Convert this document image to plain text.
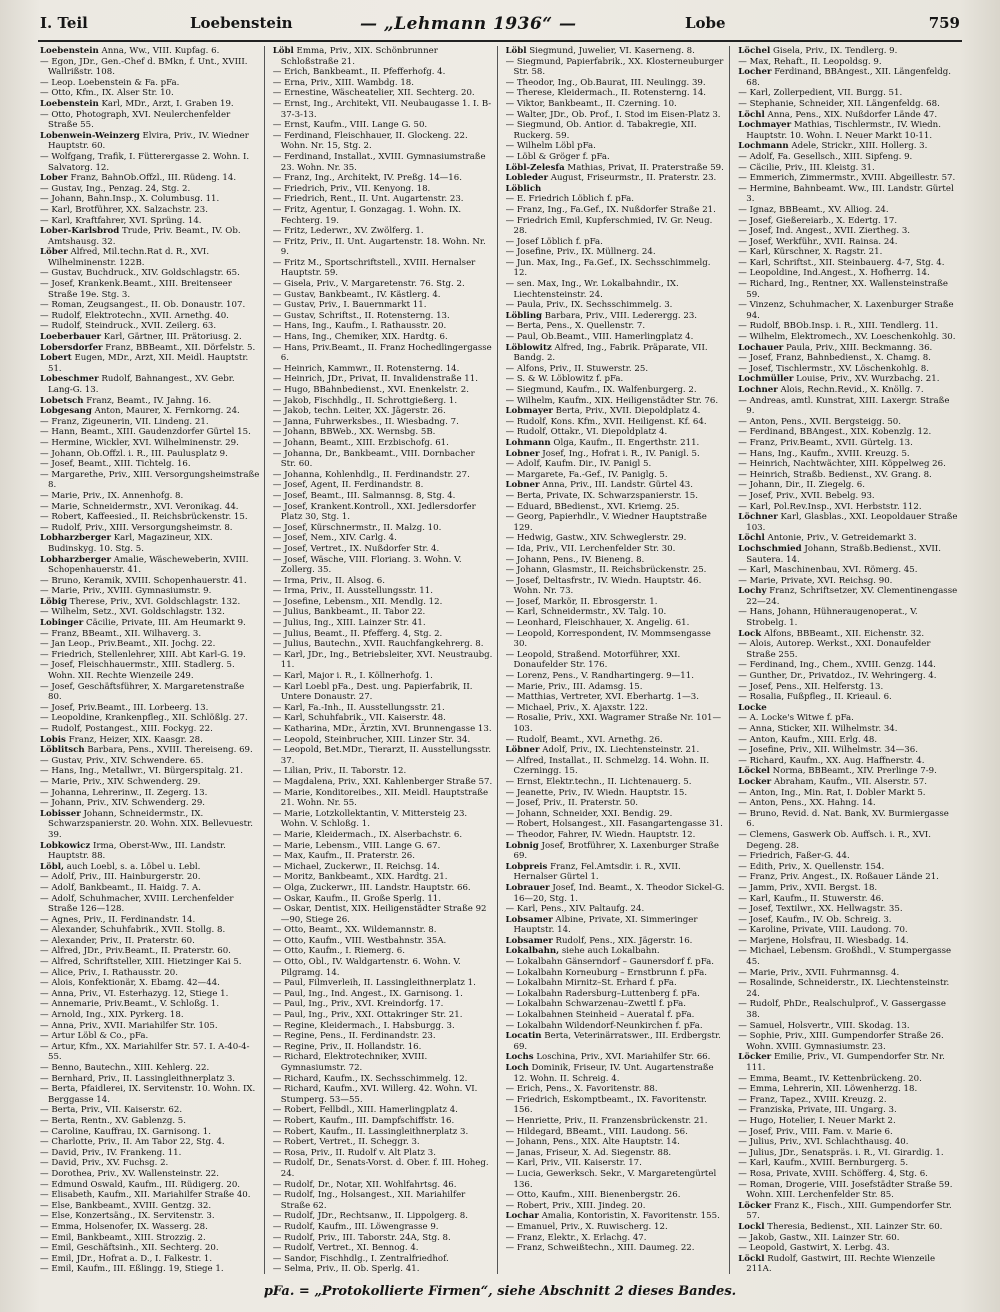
I. Teil	Loebenstein	— „Lehmann 1936“ —	Lobe	759

Loebenstein Anna, Ww., VIII. Kupfag. 6.

— Egon, JDr., Gen.-Chef d. BMkn, f. Unt., XVIII. Wallrißstr. 108.

— Leop. Loebenstein & Fa. pFa.

— Otto, Kfm., IX. Alser Str. 10.

Loebenstein Karl, MDr., Arzt, I. Graben 19.

— Otto, Photograph, XVI. Neulerchenfelder Straße 55.

Lobenwein-Weinzerg Elvira, Priv., IV. Wiedner Hauptstr. 60.

— Wolfgang, Trafik, I. Fütterergasse 2. Wohn. I. Salvatorg. 12.

Lober Franz, BahnOb.Offzl., III. Rüdeng. 14.

— Gustav, Ing., Penzag. 24, Stg. 2.

— Johann, Bahn.Insp., X. Columbusg. 11.

— Karl, Brotführer, XX. Salzachstr. 23.

— Karl, Kraftfahrer, XVI. Sprüng. 14.

Lober-Karlsbrod Trude, Priv. Beamt., IV. Ob. Amtshausg. 32.

Löber Alfred, Mil.techn.Rat d. R., XVI. Wilhelminenstr. 122B.

— Gustav, Buchdruck., XIV. Goldschlagstr. 65.

— Josef, Krankenk.Beamt., XIII. Breitenseer Straße 19e. Stg. 3.

— Roman, Zeugsangest., II. Ob. Donaustr. 107.

— Rudolf, Elektrotechn., XVII. Arnethg. 40.

— Rudolf, Steindruck., XVII. Zeilerg. 63.

Loeberbauer Karl, Gärtner, III. Prätoriusg. 2.

Lobersdorfer Franz, BBBeamt., XII. Dörfelstr. 5.

Lobert Eugen, MDr., Arzt, XII. Meidl. Hauptstr. 51.

Lobeschmer Rudolf, Bahnangest., XV. Gebr. Lang-G. 13.

Lobetsch Franz, Beamt., IV. Jahng. 16.

Lobgesang Anton, Maurer, X. Fernkorng. 24.

— Franz, Zigeunerin, VII. Lindeng. 21.

— Hann, Beamt., XIII. Gaudenzdorfer Gürtel 15.

— Hermine, Wickler, XVI. Wilhelminenstr. 29.

— Johann, Ob.Offzl. i. R., III. Paulusplatz 9.

— Josef, Beamt., XIII. Tichtelg. 16.

— Margarethe, Priv., XIII. Versorgungsheimstraße 8.

— Marie, Priv., IX. Annenhofg. 8.

— Marie, Schneidermstr., XVI. Veronikag. 44.

— Robert, Kaffeesied., II. Reichsbrückenstr. 15.

— Rudolf, Priv., XIII. Versorgungsheimstr. 8.

Lobharzberger Karl, Magazineur, XIX. Budinskyg. 10. Stg. 5.

Lobharzberger Amalie, Wäscheweberin, XVIII. Schopenhauerstr. 41.

— Bruno, Keramik, XVIII. Schopenhauerstr. 41.

— Marie, Priv., XVIII. Gymnasiumstr. 9.

Löbig Therese, Priv., XVI. Goldschlagstr. 132.

— Wilhelm, Setz., XVI. Goldschlagstr. 132.

Lobinger Cäcilie, Private, III. Am Heumarkt 9.

— Franz, BBeamt., XII. Wilhaverg. 3.

— Jan Leop., Priv.Beamt., XII. Jochg. 22.

— Friedrich, Stellenlehrer, XIII. Abt Karl-G. 19.

— Josef, Fleischhauermstr., XIII. Stadlerg. 5. Wohn. XII. Rechte Wienzeile 249.

— Josef, Geschäftsführer, X. Margaretenstraße 80.

— Josef, Priv.Beamt., III. Lorbeerg. 13.

— Leopoldine, Krankenpfleg., XII. Schlößlg. 27.

— Rudolf, Postangest., XIII. Fockyg. 22.

Lobis Franz, Heizer, XIX. Kaasgr. 28.

Löblitsch Barbara, Pens., XVIII. Thereiseng. 69.

— Gustav, Priv., XIV. Schwendere. 65.

— Hans, Ing., Metallwr., VI. Bürgerspitalg. 21.

— Marie, Priv., XIV. Schwenderg. 29.

— Johanna, Lehrerinw., II. Zegerg. 13.

— Johann, Priv., XIV. Schwenderg. 29.

Lobisser Johann, Schneidermstr., IX. Schwarzspanierstr. 20. Wohn. XIX. Bellevuestr. 39.

Lobkowicz Irma, Oberst-Ww., III. Landstr. Hauptstr. 88.

Löbl, auch Loebl, s. a. Löbel u. Lebl.

— Adolf, Priv., III. Hainburgerstr. 20.

— Adolf, Bankbeamt., II. Haidg. 7. A.

— Adolf, Schuhmacher, XVIII. Lerchenfelder Straße 126—128.

— Agnes, Priv., II. Ferdinandstr. 14.

— Alexander, Schuhfabrik., XVII. Stollg. 8.

— Alexander, Priv., II. Praterstr. 60.

— Alfred, JDr., Priv.Beamt., II. Praterstr. 60.

— Alfred, Schriftsteller, XIII. Hietzinger Kai 5.

— Alice, Priv., I. Rathausstr. 20.

— Alois, Konfektionär, X. Ebamg. 42—44.

— Anna, Priv., VI. Esterhazyg. 12, Stiege 1.

— Annemarie, Priv.Beamt., V. Schloßg. 1.

— Arnold, Ing., XIX. Pyrkerg. 18.

— Anna, Priv., XVII. Mariahilfer Str. 105.

— Artur Löbl & Co., pFa.

— Artur, Kfm., XX. Mariahilfer Str. 57. I. A-40-4-55.

— Benno, Bautechn., XIII. Kehlerg. 22.

— Bernhard, Priv., II. Lassingleithnerplatz 3.

— Berta, Pfaidlerei, IX. Servitenstr. 10. Wohn. IX. Berggasse 14.

— Berta, Priv., VII. Kaiserstr. 62.

— Berta, Rentn., XV. Gablenzg. 5.

— Caroline, Kauffrau, IX. Garnisong. 1.

— Charlotte, Priv., II. Am Tabor 22, Stg. 4.

— David, Priv., IV. Frankeng. 11.

— David, Priv., XV. Fuchsg. 2.

— Dorothea, Priv., XV. Wallensteinstr. 22.

— Edmund Oswald, Kaufm., III. Rüdigerg. 20.

— Elisabeth, Kaufm., XII. Mariahilfer Straße 40.

— Else, Bankbeamt., XVIII. Gentzg. 32.

— Else, Konzertsäng., IX. Servitenstr. 3.

— Emma, Holsenofer, IX. Wasserg. 28.

— Emil, Bankbeamt., XIII. Strozzig. 2.

— Emil, Geschäftsinh., XII. Sechterg. 20.

— Emil, JDr., Hofrat a. D., I. Falkestr. 1.

— Emil, Kaufm., III. Eßlingg. 19, Stiege 1.

Löbl Emma, Priv., XIX. Schönbrunner Schloßstraße 21.

— Erich, Bankbeamt., II. Pfefferhofg. 4.

— Erna, Priv., XIII. Wambdg. 18.

— Ernestine, Wäscheatelier, XII. Sechterg. 20.

— Ernst, Ing., Architekt, VII. Neubaugasse 1. I. B-37-3-13.

— Ernst, Kaufm., VIII. Lange G. 50.

— Ferdinand, Fleischhauer, II. Glockeng. 22. Wohn. Nr. 15, Stg. 2.

— Ferdinand, Installat., XVIII. Gymnasiumstraße 23. Wohn. Nr. 35.

— Franz, Ing., Architekt, IV. Preßg. 14—16.

— Friedrich, Priv., VII. Kenyong. 18.

— Friedrich, Rent., II. Unt. Augartenstr. 23.

— Fritz, Agentur, I. Gonzagag. 1. Wohn. IX. Fechterg. 19.

— Fritz, Lederwr., XV. Zwölferg. 1.

— Fritz, Priv., II. Unt. Augartenstr. 18. Wohn. Nr. 9.

— Fritz M., Sportschriftstell., XVIII. Hernalser Hauptstr. 59.

— Gisela, Priv., V. Margaretenstr. 76. Stg. 2.

— Gustav, Bankbeamt., IV. Kästlerg. 4.

— Gustav, Priv., I. Bauernmarkt 11.

— Gustav, Schriftst., II. Rotensterng. 13.

— Hans, Ing., Kaufm., I. Rathausstr. 20.

— Hans, Ing., Chemiker, XIX. Hardtg. 6.

— Hans, Priv.Beamt., II. Franz Hochedlingergasse 6.

— Heinrich, Kammwr., II. Rotensterng. 14.

— Heinrich, JDr., Privat, II. Invalidenstraße 11.

— Hugo, BBahnbedienst., XVI. Enenkelstr. 2.

— Jakob, Fischhdlg., II. Schrottgießerg. 1.

— Jakob, techn. Leiter, XX. Jägerstr. 26.

— Janna, Fuhrwerksbes., II. Wiesbadng. 7.

— Johann, BBWeb., XX. Wernsbg. 5B.

— Johann, Beamt., XIII. Erzbischofg. 61.

— Johanna, Dr., Bankbeamt., VIII. Dornbacher Str. 60.

— Johanna, Kohlenhdlg., II. Ferdinandstr. 27.

— Josef, Agent, II. Ferdinandstr. 8.

— Josef, Beamt., III. Salmannsg. 8, Stg. 4.

— Josef, Krankent.Kontroll., XXI. Jedlersdorfer Platz 30, Stg. 1.

— Josef, Kürschnermstr., II. Malzg. 10.

— Josef, Nem., XIV. Carlg. 4.

— Josef, Vertret., IX. Nußdorfer Str. 4.

— Josef, Wäsche, VIII. Floriang. 3. Wohn. V. Zollerg. 35.

— Irma, Priv., II. Alsog. 6.

— Irma, Priv., II. Ausstellungsstr. 11.

— Josefine, Lebensm., XII. Mendlg. 12.

— Julius, Bankbeamt., II. Tabor 22.

— Julius, Ing., XIII. Lainzer Str. 41.

— Julius, Beamt., II. Pfefferg. 4, Stg. 2.

— Julius, Bautechn., XVII. Rauchfangkehrerg. 8.

— Karl, JDr., Ing., Betriebsleiter, XVI. Neustraubg. 11.

— Karl, Major i. R., I. Köllnerhofg. 1.

— Karl Loebl pFa., Dest. ung. Papierfabrik, II. Untere Donaustr. 27.

— Karl, Fa.-Inh., II. Ausstellungsstr. 21.

— Karl, Schuhfabrik., VII. Kaiserstr. 48.

— Katharina, MDr., Ärztin, XVI. Brunnengasse 13.

— Leopold, Steinbrucher, XIII. Linzer Str. 34.

— Leopold, Bet.MDr., Tierarzt, II. Ausstellungsstr. 37.

— Lilian, Priv., II. Taborstr. 12.

— Magdalena, Priv., XXI. Kahlenberger Straße 57.

— Marie, Konditoreibes., XII. Meidl. Hauptstraße 21. Wohn. Nr. 55.

— Marie, Lotzkollektantin, V. Mittersteig 23. Wohn. V. Schloßg. 1.

— Marie, Kleidermach., IX. Alserbachstr. 6.

— Marie, Lebensm., VIII. Lange G. 67.

— Max, Kaufm., II. Praterstr. 26.

— Michael, Zuckerwr., II. Reichsg. 14.

— Moritz, Bankbeamt., XIX. Hardtg. 21.

— Olga, Zuckerwr., III. Landstr. Hauptstr. 66.

— Oskar, Kaufm., II. Große Sperlg. 11.

— Oskar, Dentist, XIX. Heiligenstädter Straße 92—90, Stiege 26.

— Otto, Beamt., XX. Wildemannstr. 8.

— Otto, Kaufm., VIII. Westbahnstr. 35A.

— Otto, Kaufm., I. Riemerg. 6.

— Otto, Obl., IV. Waldgartenstr. 6. Wohn. V. Pilgramg. 14.

— Paul, Filmverleih, II. Lassingleithnerplatz 1.

— Paul, Ing., Ind. Angest., IX. Garnisong. 1.

— Paul, Ing., Priv., XVI. Kreindorfg. 17.

— Paul, Ing., Priv., XXI. Ottakringer Str. 21.

— Regine, Kleidermach., I. Habsburgg. 3.

— Regine, Pens., II. Ferdinandstr. 23.

— Regine, Priv., II. Hollandstr. 16.

— Richard, Elektrotechniker, XVIII. Gymnasiumstr. 72.

— Richard, Kaufm., IX. Sechsschimmelg. 12.

— Richard, Kaufm., XVI. Willerg. 42. Wohn. VI. Stumperg. 53—55.

— Robert, Fellbdl., XIII. Hamerlingplatz 4.

— Robert, Kaufm., III. Dampfschiffstr. 16.

— Robert, Kaufm., II. Lassingleithnerplatz 3.

— Robert, Vertret., II. Scheggr. 3.

— Rosa, Priv., II. Rudolf v. Alt Platz 3.

— Rudolf, Dr., Senats-Vorst. d. Ober. f. III. Hoheg. 24.

— Rudolf, Dr., Notar, XII. Wohlfahrtsg. 46.

— Rudolf, Ing., Holsangest., XII. Mariahilfer Straße 62.

— Rudolf, JDr., Rechtsanw., II. Lippolgerg. 8.

— Rudolf, Kaufm., III. Löwengrasse 9.

— Rudolf, Priv., III. Taborstr. 24A, Stg. 8.

— Rudolf, Vertret., XI. Bennog. 4.

— Sandor, Fischhdlg., I. Zentralfriedhof.

— Selma, Priv., II. Ob. Sperlg. 41.

Löbl Siegmund, Juwelier, VI. Kaserneng. 8.

— Siegmund, Papierfabrik., XX. Klosterneuburger Str. 58.

— Theodor, Ing., Ob.Baurat, III. Neulingg. 39.

— Therese, Kleidermach., II. Rotensterng. 14.

— Viktor, Bankbeamt., II. Czerning. 10.

— Walter, JDr., Ob. Prof., I. Stod im Eisen-Platz 3.

— Siegmund, Ob. Antior. d. Tabakregie, XII. Ruckerg. 59.

— Wilhelm Löbl pFa.

— Löbl & Gröger f. pFa.

Löbl-Zelesfa Mathias, Privat, II. Praterstraße 59.

Lobleder August, Friseurmstr., II. Praterstr. 23.

Löblich

— E. Friedrich Löblich f. pFa.

— Franz, Ing., Fa.Gef., IX. Nußdorfer Straße 21.

— Friedrich Emil, Kupferschmied, IV. Gr. Neug. 28.

— Josef Löblich f. pFa.

— Josefine, Priv., IX. Müllnerg. 24.

— Jun. Max, Ing., Fa.Gef., IX. Sechsschimmelg. 12.

— sen. Max, Ing., Wr. Lokalbahndir., IX. Liechtensteinstr. 24.

— Paula, Priv., IX. Sechsschimmelg. 3.

Löbling Barbara, Priv., VIII. Lederergg. 23.

— Berta, Pens., X. Quellenstr. 7.

— Paul, Ob.Beamt., VIII. Hamerlingplatz 4.

Löblowitz Alfred, Ing., Fabrik. Präparate, VII. Bandg. 2.

— Alfons, Priv., II. Stuwerstr. 25.

— S. & W. Löblowitz f. pFa.

— Siegmund, Kaufm., IX. Walfenburgerg. 2.

— Wilhelm, Kaufm., XIX. Heiligenstädter Str. 76.

Lobmayer Berta, Priv., XVII. Diepoldplatz 4.

— Rudolf, Kons. Kfm., XVII. Heiligenst. Kf. 64.

— Rudolf, Ottakr., VI. Diepoldplatz 4.

Lohmann Olga, Kaufm., II. Engerthstr. 211.

Lobner Josef, Ing., Hofrat i. R., IV. Panigl. 5.

— Adolf, Kaufm. Dir., IV. Panigl 5.

— Margarete, Fa.-Gef., IV. Paniglg. 5.

Lobner Anna, Priv., III. Landstr. Gürtel 43.

— Berta, Private, IX. Schwarzspanierstr. 15.

— Eduard, BBedienst., XVI. Kriemg. 25.

— Georg, Papierhdlr., V. Wiedner Hauptstraße 129.

— Hedwig, Gastw., XIV. Schweglerstr. 29.

— Ida, Priv., VII. Lerchenfelder Str. 30.

— Johann, Pens., IV. Bieneng. 8.

— Johann, Glasmstr., II. Reichsbrückenstr. 25.

— Josef, Deltasfrstr., IV. Wiedn. Hauptstr. 46. Wohn. Nr. 73.

— Josef, Markör, II. Ebrosgerstr. 1.

— Karl, Schneidermstr., XV. Talg. 10.

— Leonhard, Fleischhauer, X. Angelig. 61.

— Leopold, Korrespondent, IV. Mommsengasse 30.

— Leopold, Straßend. Motorführer, XXI. Donaufelder Str. 176.

— Lorenz, Pens., V. Randhartingerg. 9—11.

— Marie, Priv., III. Adamsg. 15.

— Matthias, Vertreter, XVI. Eberhartg. 1—3.

— Michael, Priv., X. Ajaxstr. 122.

— Rosalie, Priv., XXI. Wagramer Straße Nr. 101—103.

— Rudolf, Beamt., XVI. Arnethg. 26.

Löbner Adolf, Priv., IX. Liechtensteinstr. 21.

— Alfred, Installat., II. Schmelzg. 14. Wohn. II. Czerningg. 15.

— Ernst, Elektr.techn., II. Lichtenauerg. 5.

— Jeanette, Priv., IV. Wiedn. Hauptstr. 15.

— Josef, Priv., II. Praterstr. 50.

— Johann, Schneider, XXI. Bendig. 29.

— Robert, Holsangest., XII. Fasangartengasse 31.

— Theodor, Fahrer, IV. Wiedn. Hauptstr. 12.

Lobnig Josef, Brotführer, X. Laxenburger Straße 69.

Lobpreis Franz, Fel.Amtsdir. i. R., XVII. Hernalser Gürtel 1.

Lobrauer Josef, Ind. Beamt., X. Theodor Sickel-G. 16—20, Stg. 1.

— Karl, Pens., XIV. Paltaufg. 24.

Lobsamer Albine, Private, XI. Simmeringer Hauptstr. 14.

Lobsamer Rudolf, Pens., XIX. Jägerstr. 16.

Lokalbahn, siehe auch Lokalbahn.

— Lokalbahn Gänserndorf – Gaunersdorf f. pFa.

— Lokalbahn Korneuburg – Ernstbrunn f. pFa.

— Lokalbahn Mirnitz–St. Erhard f. pFa.

— Lokalbahn Radersburg–Luttenberg f. pFa.

— Lokalbahn Schwarzenau–Zwettl f. pFa.

— Lokalbahnen Steinheid – Aueratal f. pFa.

— Lokalbahn Wildendorf-Neunkirchen f. pFa.

Locatin Berta, Veterinärratswer., III. Erdbergstr. 69.

Lochs Loschina, Priv., XVI. Mariahilfer Str. 66.

Loch Dominik, Friseur, IV. Unt. Augartenstraße 12. Wohn. II. Schreig. 4.

— Erich, Pens., X. Favoritenstr. 88.

— Friedrich, Eskomptbeamt., IX. Favoritenstr. 156.

— Henriette, Priv., II. Franzensbrückenstr. 21.

— Hildegard, BBeamt., VIII. Laudong. 56.

— Johann, Pens., XIX. Alte Hauptstr. 14.

— Janas, Friseur, X. Ad. Siegenstr. 88.

— Karl, Priv., VII. Kaiserstr. 17.

— Lucia, Gewerksch. Sekr., V. Margaretengürtel 136.

— Otto, Kaufm., XIII. Bienenbergstr. 26.

— Robert, Priv., XIII. Jindeg. 20.

Lochar Amalia, Kontoristin, X. Favoritenstr. 155.

— Emanuel, Priv., X. Ruwischerg. 12.

— Franz, Elektr., X. Erlachg. 47.

— Franz, Schweißtechn., XIII. Daumeg. 22.

Löchel Gisela, Priv., IX. Tendlerg. 9.

— Max, Rehaft., II. Leopoldsg. 9.

Locher Ferdinand, BBAngest., XII. Längenfeldg. 68.

— Karl, Zollerpedient, VII. Burgg. 51.

— Stephanie, Schneider, XII. Längenfeldg. 68.

Löchl Anna, Pens., XIX. Nußdorfer Lände 47.

Lochmayer Mathias, Tischlermstr., IV. Wiedn. Hauptstr. 10. Wohn. I. Neuer Markt 10-11.

Lochmann Adele, Strickr., XIII. Hollerg. 3.

— Adolf, Fa. Gesellsch., XIII. Sipfeng. 9.

— Cäcilie, Priv., III. Kleistg. 31.

— Emmerich, Zimmermstr., XVIII. Abgeillestr. 57.

— Hermine, Bahnbeamt. Ww., III. Landstr. Gürtel 3.

— Ignaz, BBBeamt., XV. Alliog. 24.

— Josef, Gießereiarb., X. Edertg. 17.

— Josef, Ind. Angest., XVII. Ziertheg. 3.

— Josef, Werkführ., XVII. Rainsa. 24.

— Karl, Kürschner, X. Ragstr. 21.

— Karl, Schriftst., XII. Steinbauerg. 4-7, Stg. 4.

— Leopoldine, Ind.Angest., X. Hofherrg. 14.

— Richard, Ing., Rentner, XX. Wallensteinstraße 59.

— Vinzenz, Schuhmacher, X. Laxenburger Straße 94.

— Rudolf, BBOb.Insp. i. R., XIII. Tendlerg. 11.

— Wilhelm, Elektromech., XV. Loeschenkohlg. 30.

Lochauer Paula, Priv., XIII. Beckmanng. 36.

— Josef, Franz, Bahnbedienst., X. Chamg. 8.

— Josef, Tischlermstr., XV. Löschenkohlg. 8.

Lochmüller Louise, Priv., XV. Wurzbachg. 21.

Lochner Alois, Rechn.Revid., X. Knöllg. 7.

— Andreas, amtl. Kunstrat, XIII. Laxergr. Straße 9.

— Anton, Pens., XVII. Bergsteigg. 50.

— Ferdinand, BBAngest., XIX. Kobenzlg. 12.

— Franz, Priv.Beamt., XVII. Gürtelg. 13.

— Hans, Ing., Kaufm., XVIII. Kreuzg. 5.

— Heinrich, Nachtwächter, XIII. Köppelweg 26.

— Heinrich, Straßb. Bedienst., XV. Grang. 8.

— Johann, Dir., II. Ziegelg. 6.

— Josef, Priv., XVII. Bebelg. 93.

— Karl, Pol.Rev.Insp., XVI. Herbststr. 112.

Löchner Karl, Glasblas., XXI. Leopoldauer Straße 103.

Löchl Antonie, Priv., V. Getreidemarkt 3.

Lochschmied Johann, Straßb.Bedienst., XVII. Sautera. 14.

— Karl, Maschinenbau, XVI. Römerg. 45.

— Marie, Private, XVI. Reichsg. 90.

Lochy Franz, Schriftsetzer, XV. Clementinengasse 22—24.

— Hans, Johann, Hühneraugenoperat., V. Strobelg. 1.

Lock Alfons, BBBeamt., XII. Eichenstr. 32.

— Alois, Autorep. Werkst., XXI. Donaufelder Straße 255.

— Ferdinand, Ing., Chem., XVIII. Genzg. 144.

— Gunther, Dr., Privatdoz., IV. Wehringerg. 4.

— Josef, Pens., XII. Helferstg. 13.

— Rosalia, Fußpfleg., II. Krieaul. 6.

Locke

— A. Locke's Witwe f. pFa.

— Anna, Sticker, XII. Wilhelmstr. 34.

— Anton, Kaufm., XIII. Erlg. 48.

— Josefine, Priv., XII. Wilhelmstr. 34—36.

— Richard, Kaufm., XX. Aug. Haffnerstr. 4.

Löckel Norma, BBBeamt., XIV. Prerlinge 7-9.

Locker Abraham, Kaufm., VII. Alserstr. 57.

— Anton, Ing., Min. Rat, I. Dobler Markt 5.

— Anton, Pens., XX. Hahng. 14.

— Bruno, Revid. d. Nat. Bank, XV. Burmiergasse 6.

— Clemens, Gaswerk Ob. Auffsch. i. R., XVI. Degeng. 28.

— Friedrich, Faßer-G. 44.

— Edith, Priv., X. Quellenstr. 154.

— Franz, Priv. Angest., IX. Roßauer Lände 21.

— Jamm, Priv., XVII. Bergst. 18.

— Karl, Kaufm., II. Stuwerstr. 46.

— Josef, Textilwr., XX. Hellwagstr. 35.

— Josef, Kaufm., IV. Ob. Schreig. 3.

— Karoline, Private, VIII. Laudong. 70.

— Marjene, Holsfrau, II. Wiesbadg. 14.

— Michael, Lebensm. Großhdl., V. Stumpergasse 45.

— Marie, Priv., XVII. Fuhrmannsg. 4.

— Rosalinde, Schneiderstr., IX. Liechtensteinstr. 24.

— Rudolf, PhDr., Realschulprof., V. Gassergasse 38.

— Samuel, Holsvertr., VIII. Skodag. 13.

— Sophie, Priv., XIII. Gumpendorfer Straße 26. Wohn. XVIII. Gymnasiumstr. 23.

Löcker Emilie, Priv., VI. Gumpendorfer Str. Nr. 111.

— Emma, Beamt., IV. Kettenbrückeng. 20.

— Emma, Lehrerin, XII. Löwenherzg. 18.

— Franz, Tapez., XVIII. Kreuzg. 2.

— Franziska, Private, III. Ungarg. 3.

— Hugo, Hotelier, I. Neuer Markt 2.

— Josef, Priv., VIII. Fam. v. Marie 6.

— Julius, Priv., XVI. Schlachthausg. 40.

— Julius, JDr., Senatspräs. i. R., VI. Girardig. 1.

— Karl, Kaufm., XVIII. Bernburgerg. 5.

— Rosa, Private, XVIII. Schöfferg. 4, Stg. 6.

— Roman, Drogerie, VIII. Josefstädter Straße 59. Wohn. XIII. Lerchenfelder Str. 85.

Löcker Franz K., Fisch., XIII. Gumpendorfer Str. 57.

Lockl Theresia, Bedienst., XII. Lainzer Str. 60.

— Jakob, Gastw., XII. Lainzer Str. 60.

— Leopold, Gastwirt, X. Lerbg. 43.

Löckl Rudolf, Gastwirt, III. Rechte Wienzeile 211A.

pFa. = „Protokollierte Firmen“, siehe Abschnitt 2 dieses Bandes.
